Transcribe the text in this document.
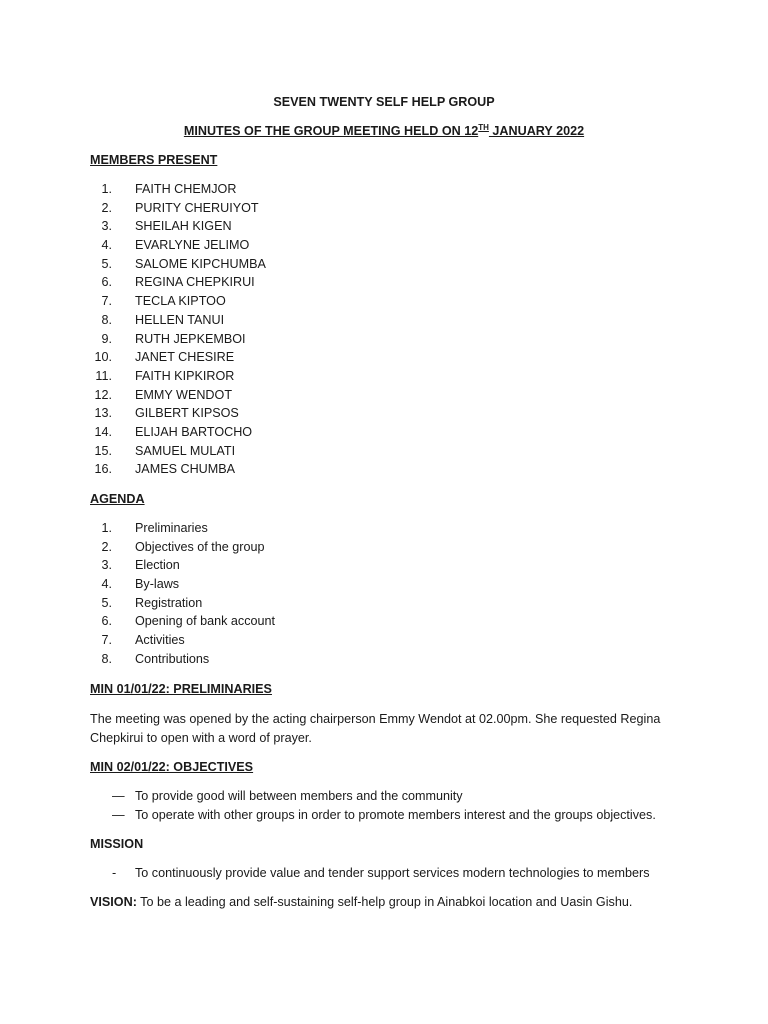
SEVEN TWENTY SELF HELP GROUP
MINUTES OF THE GROUP MEETING HELD ON 12TH JANUARY 2022
MEMBERS PRESENT
1. FAITH CHEMJOR
2. PURITY CHERUIYOT
3. SHEILAH KIGEN
4. EVARLYNE JELIMO
5. SALOME KIPCHUMBA
6. REGINA CHEPKIRUI
7. TECLA KIPTOO
8. HELLEN TANUI
9. RUTH JEPKEMBOI
10. JANET CHESIRE
11. FAITH KIPKIROR
12. EMMY WENDOT
13. GILBERT KIPSOS
14. ELIJAH BARTOCHO
15. SAMUEL MULATI
16. JAMES CHUMBA
AGENDA
1. Preliminaries
2. Objectives of the group
3. Election
4. By-laws
5. Registration
6. Opening of bank account
7. Activities
8. Contributions
MIN 01/01/22: PRELIMINARIES
The meeting was opened by the acting chairperson Emmy Wendot at 02.00pm. She requested Regina
Chepkirui to open with a word of prayer.
MIN 02/01/22: OBJECTIVES
— To provide good will between members and the community
— To operate with other groups in order to promote members interest and the groups objectives.
MISSION
- To continuously provide value and tender support services modern technologies to members
VISION: To be a leading and self-sustaining self-help group in Ainabkoi location and Uasin Gishu.
